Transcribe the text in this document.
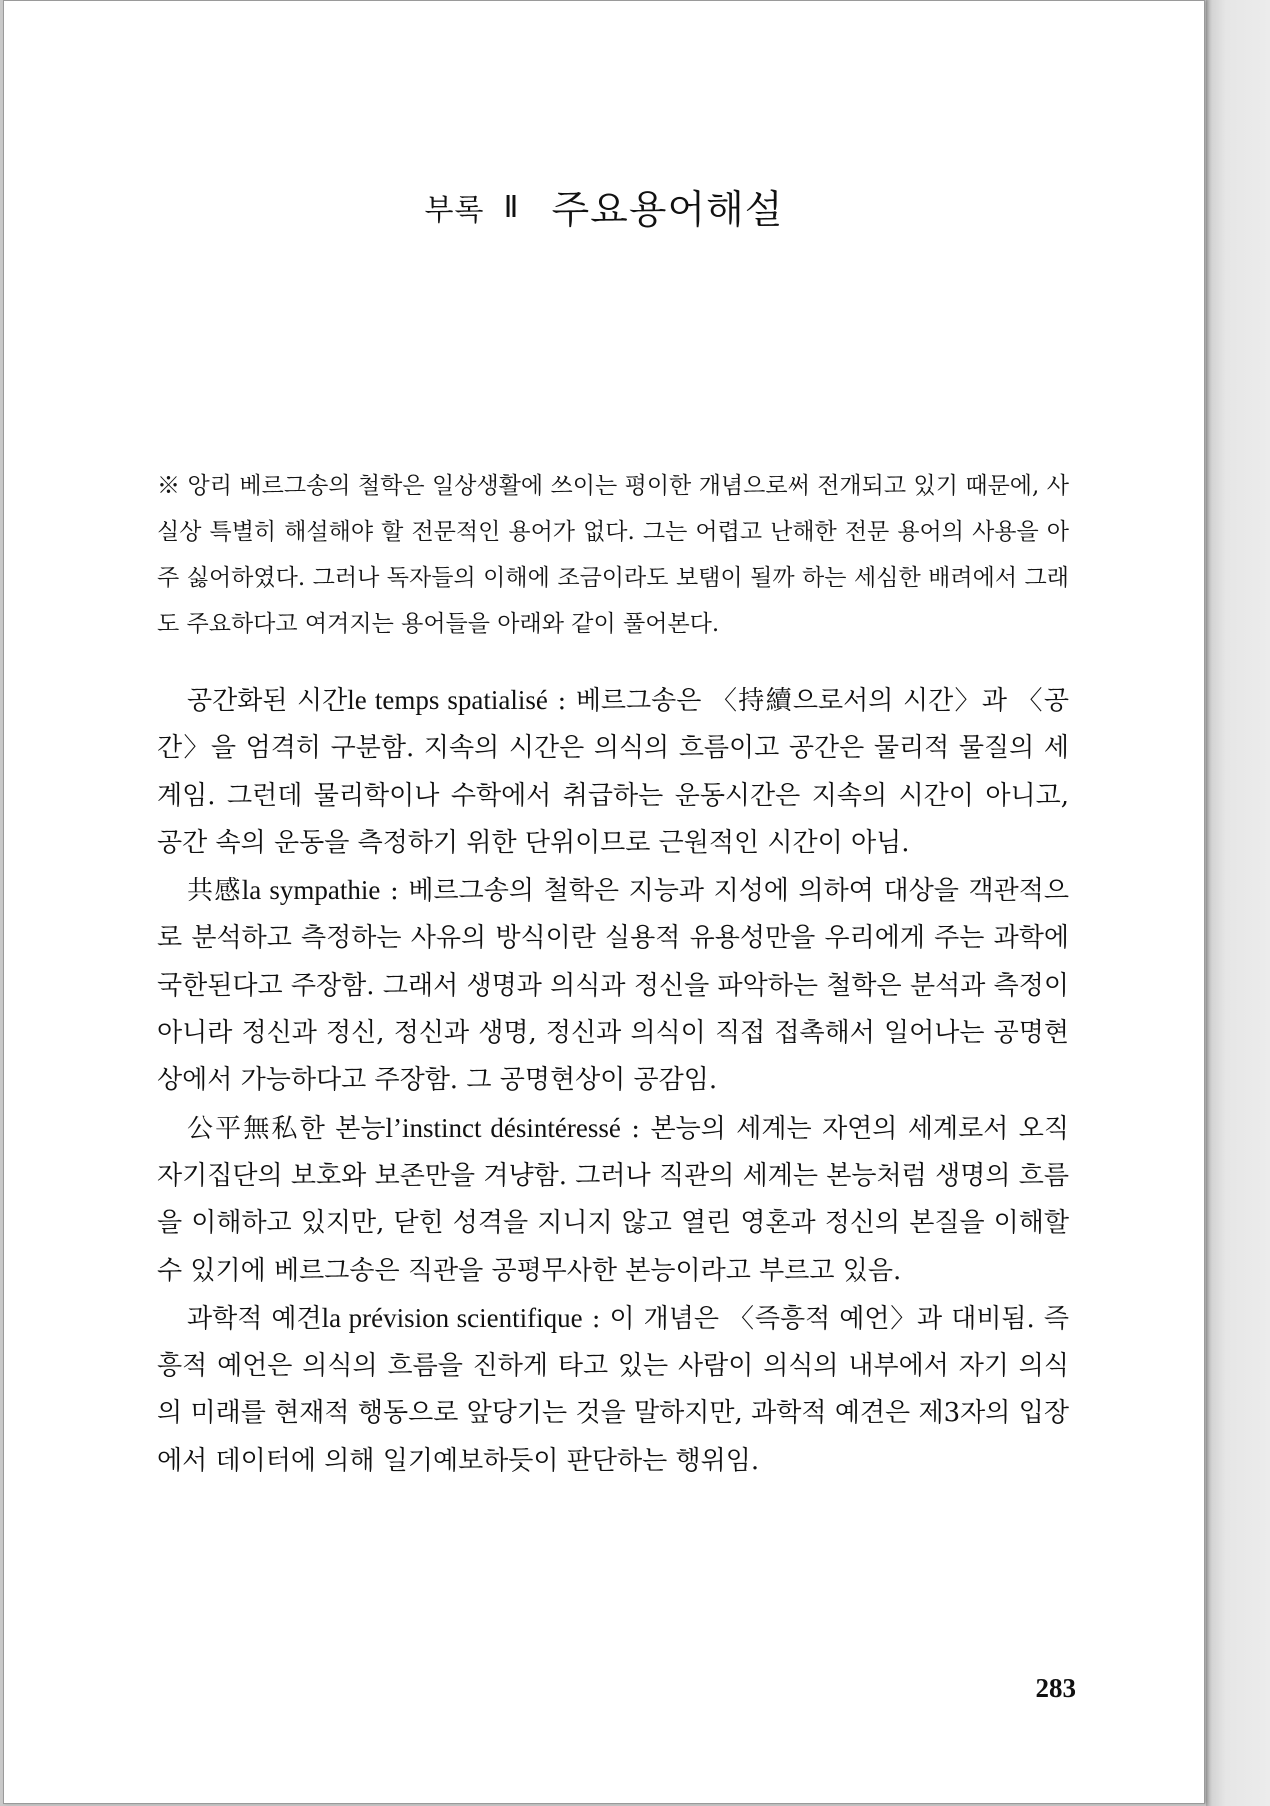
부록 Ⅱ 주요용어해설

※ 앙리 베르그송의 철학은 일상생활에 쓰이는 평이한 개념으로써 전개되고 있기 때문에, 사실상 특별히 해설해야 할 전문적인 용어가 없다. 그는 어렵고 난해한 전문 용어의 사용을 아주 싫어하였다. 그러나 독자들의 이해에 조금이라도 보탬이 될까 하는 세심한 배려에서 그래도 주요하다고 여겨지는 용어들을 아래와 같이 풀어본다.

공간화된 시간le temps spatialisé : 베르그송은 〈持續으로서의 시간〉과 〈공간〉을 엄격히 구분함. 지속의 시간은 의식의 흐름이고 공간은 물리적 물질의 세계임. 그런데 물리학이나 수학에서 취급하는 운동시간은 지속의 시간이 아니고, 공간 속의 운동을 측정하기 위한 단위이므로 근원적인 시간이 아님.

共感la sympathie : 베르그송의 철학은 지능과 지성에 의하여 대상을 객관적으로 분석하고 측정하는 사유의 방식이란 실용적 유용성만을 우리에게 주는 과학에 국한된다고 주장함. 그래서 생명과 의식과 정신을 파악하는 철학은 분석과 측정이 아니라 정신과 정신, 정신과 생명, 정신과 의식이 직접 접촉해서 일어나는 공명현상에서 가능하다고 주장함. 그 공명현상이 공감임.

公平無私한 본능l’instinct désintéressé : 본능의 세계는 자연의 세계로서 오직 자기집단의 보호와 보존만을 겨냥함. 그러나 직관의 세계는 본능처럼 생명의 흐름을 이해하고 있지만, 닫힌 성격을 지니지 않고 열린 영혼과 정신의 본질을 이해할 수 있기에 베르그송은 직관을 공평무사한 본능이라고 부르고 있음.

과학적 예견la prévision scientifique : 이 개념은 〈즉흥적 예언〉과 대비됨. 즉흥적 예언은 의식의 흐름을 진하게 타고 있는 사람이 의식의 내부에서 자기 의식의 미래를 현재적 행동으로 앞당기는 것을 말하지만, 과학적 예견은 제3자의 입장에서 데이터에 의해 일기예보하듯이 판단하는 행위임.

283
